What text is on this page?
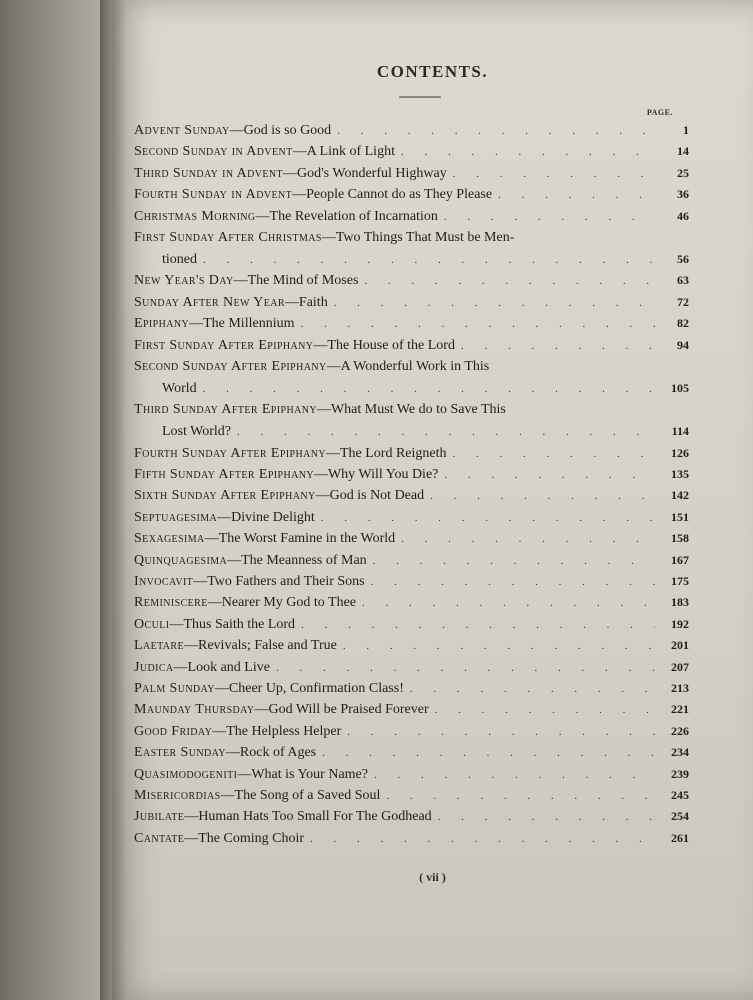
CONTENTS.
PAGE.
Advent Sunday—God is so Good . . .	1
Second Sunday in Advent—A Link of Light . . .	14
Third Sunday in Advent—God's Wonderful Highway . . .	25
Fourth Sunday in Advent—People Cannot do as They Please . . .	36
Christmas Morning—The Revelation of Incarnation . . .	46
First Sunday After Christmas—Two Things That Must be Men-
tioned . . .	56
New Year's Day—The Mind of Moses . . .	63
Sunday After New Year—Faith . . .	72
Epiphany—The Millennium . . .	82
First Sunday After Epiphany—The House of the Lord . . .	94
Second Sunday After Epiphany—A Wonderful Work in This
World . . .	105
Third Sunday After Epiphany—What Must We do to Save This
Lost World? . . .	114
Fourth Sunday After Epiphany—The Lord Reigneth . . .	126
Fifth Sunday After Epiphany—Why Will You Die? . . .	135
Sixth Sunday After Epiphany—God is Not Dead . . .	142
Septuagesima—Divine Delight . . .	151
Sexagesima—The Worst Famine in the World . . .	158
Quinquagesima—The Meanness of Man . . .	167
Invocavit—Two Fathers and Their Sons . . .	175
Reminiscere—Nearer My God to Thee . . .	183
Oculi—Thus Saith the Lord . . .	192
Laetare—Revivals; False and True . . .	201
Judica—Look and Live . . .	207
Palm Sunday—Cheer Up, Confirmation Class! . . .	213
Maunday Thursday—God Will be Praised Forever . . .	221
Good Friday—The Helpless Helper . . .	226
Easter Sunday—Rock of Ages . . .	234
Quasimodogeniti—What is Your Name? . . .	239
Misericordias—The Song of a Saved Soul . . .	245
Jubilate—Human Hats Too Small For The Godhead . . .	254
Cantate—The Coming Choir . . .	261
( vii )
